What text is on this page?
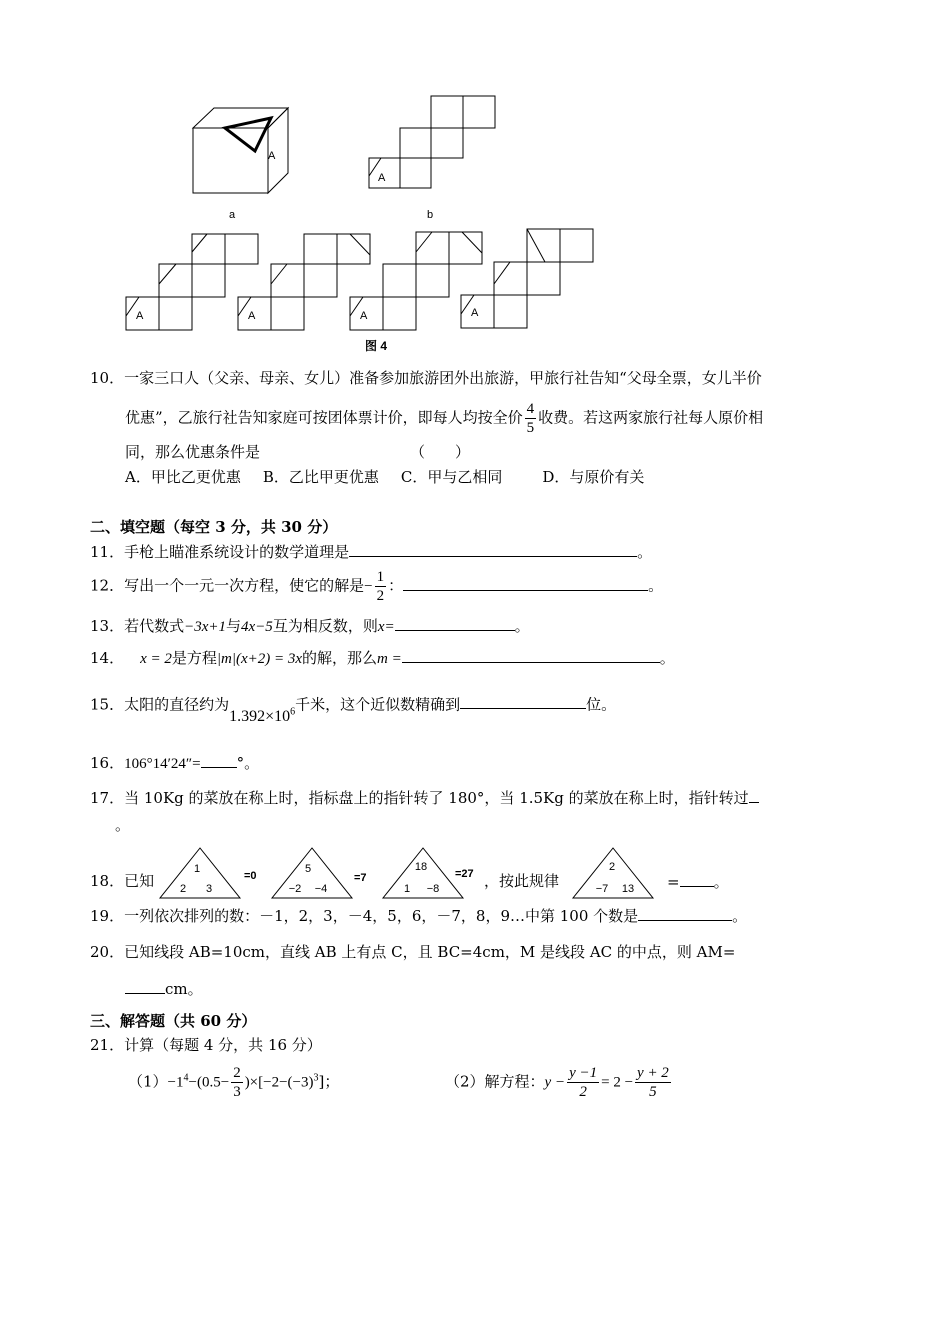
A
A
A	A	A	A
a	b
图 4
10．一家三口人（父亲、母亲、女儿）准备参加旅游团外出旅游，甲旅行社告知“父母全票，女儿半价
优惠”，乙旅行社告知家庭可按团体票计价，即每人均按全价 $\frac{4}{5}$ 收费。若这两家旅行社每人原价相
同，那么优惠条件是	（　　）
A．甲比乙更优惠 B．乙比甲更优惠 C．甲与乙相同	D．与原价有关
二、填空题（每空 3 分，共 30 分）
11．手枪上瞄准系统设计的数学道理是	。
12．写出一个一元一次方程，使它的解是− $\frac{1}{2}$ ：	。
13．若代数式−3x+1与4x−5互为相反数，则x=	。
14． x = 2是方程|m|(x+2) = 3x的解，那么m =	。
15．太阳的直径约为$1.392\times 10^6$千米，这个近似数精确到	位。
16．106°14′24″= °。
17．当 10Kg 的菜放在称上时，指标盘上的指针转了 180°，当 1.5Kg 的菜放在称上时，指针转过
。
18．已知	，按此规律
1
2 3
=0
5
−2 −4
=7
18
1 −8
=27
2
−7 13 = 。
19．一列依次排列的数：－1，2，3，－4，5，6，－7，8，9…中第 100 个数是	。
20．已知线段 AB=10cm，直线 AB 上有点 C，且 BC=4cm，M 是线段 AC 的中点，则 AM=
cm。
三、解答题（共 60 分）
21．计算（每题 4 分，共 16 分）
$(1)-1^4-(0.5- \frac{2}{3} )\times[-2-(-3)^3]$；	（2）解方程：$y - \frac{y -1}{2} = 2 - \frac{y + 2}{5}$
